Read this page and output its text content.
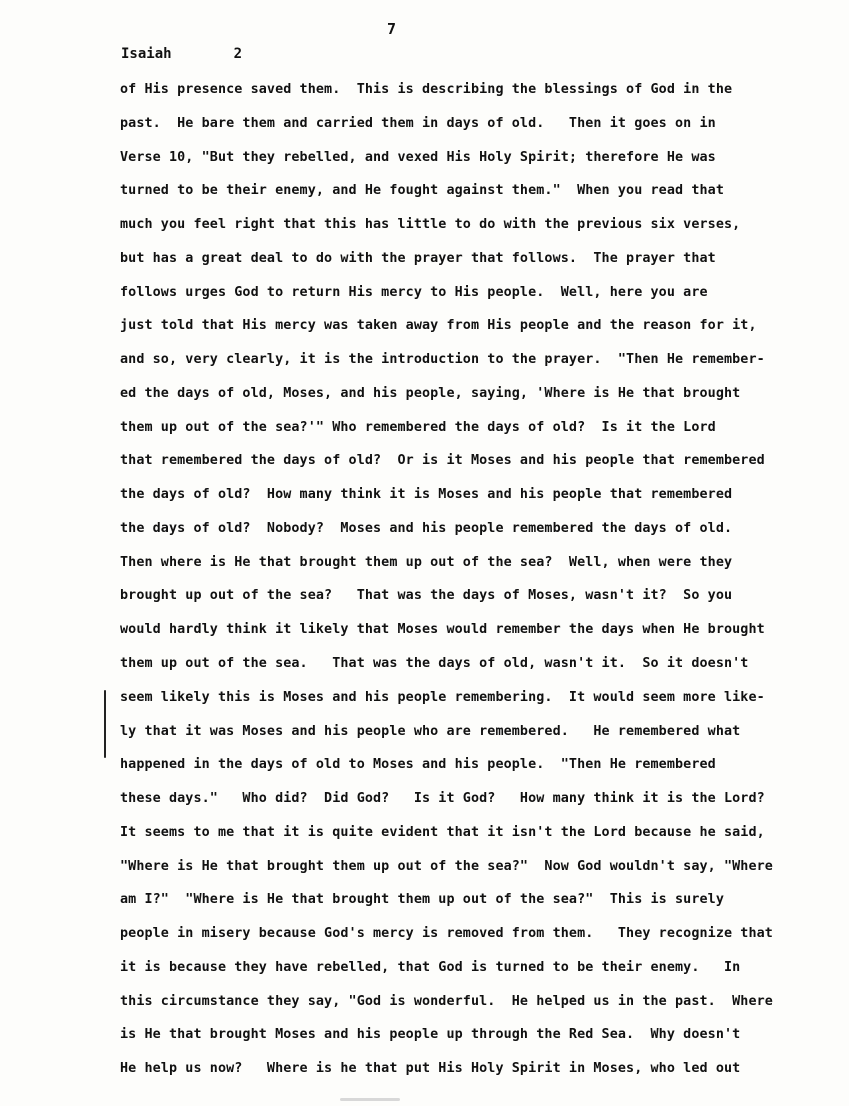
7
Isaiah	2
of His presence saved them.  This is describing the blessings of God in the
past.  He bare them and carried them in days of old.   Then it goes on in
Verse 10, "But they rebelled, and vexed His Holy Spirit; therefore He was
turned to be their enemy, and He fought against them."  When you read that
much you feel right that this has little to do with the previous six verses,
but has a great deal to do with the prayer that follows.  The prayer that
follows urges God to return His mercy to His people.  Well, here you are
just told that His mercy was taken away from His people and the reason for it,
and so, very clearly, it is the introduction to the prayer.  "Then He remember-
ed the days of old, Moses, and his people, saying, 'Where is He that brought
them up out of the sea?'" Who remembered the days of old?  Is it the Lord
that remembered the days of old?  Or is it Moses and his people that remembered
the days of old?  How many think it is Moses and his people that remembered
the days of old?  Nobody?  Moses and his people remembered the days of old.
Then where is He that brought them up out of the sea?  Well, when were they
brought up out of the sea?   That was the days of Moses, wasn't it?  So you
would hardly think it likely that Moses would remember the days when He brought
them up out of the sea.   That was the days of old, wasn't it.  So it doesn't
seem likely this is Moses and his people remembering.  It would seem more like-
ly that it was Moses and his people who are remembered.   He remembered what
happened in the days of old to Moses and his people.  "Then He remembered
these days."   Who did?  Did God?   Is it God?   How many think it is the Lord?
It seems to me that it is quite evident that it isn't the Lord because he said,
"Where is He that brought them up out of the sea?"  Now God wouldn't say, "Where
am I?"  "Where is He that brought them up out of the sea?"  This is surely
people in misery because God's mercy is removed from them.   They recognize that
it is because they have rebelled, that God is turned to be their enemy.   In
this circumstance they say, "God is wonderful.  He helped us in the past.  Where
is He that brought Moses and his people up through the Red Sea.  Why doesn't
He help us now?   Where is he that put His Holy Spirit in Moses, who led out
